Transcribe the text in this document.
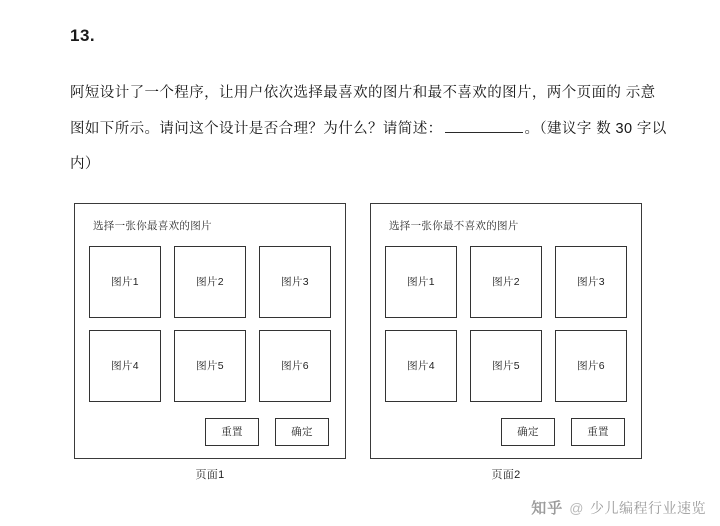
13.
阿短设计了一个程序，让用户依次选择最喜欢的图片和最不喜欢的图片，两个页面的 示意图如下所示。请问这个设计是否合理？为什么？请简述：	。（建议字 数 30 字以内）
选择一张你最喜欢的图片
图片1	图片2	图片3
图片4	图片5	图片6
重置	确定
选择一张你最不喜欢的图片
图片1	图片2	图片3
图片4	图片5	图片6
确定	重置
页面1	页面2
知乎 @ 少儿编程行业速览
